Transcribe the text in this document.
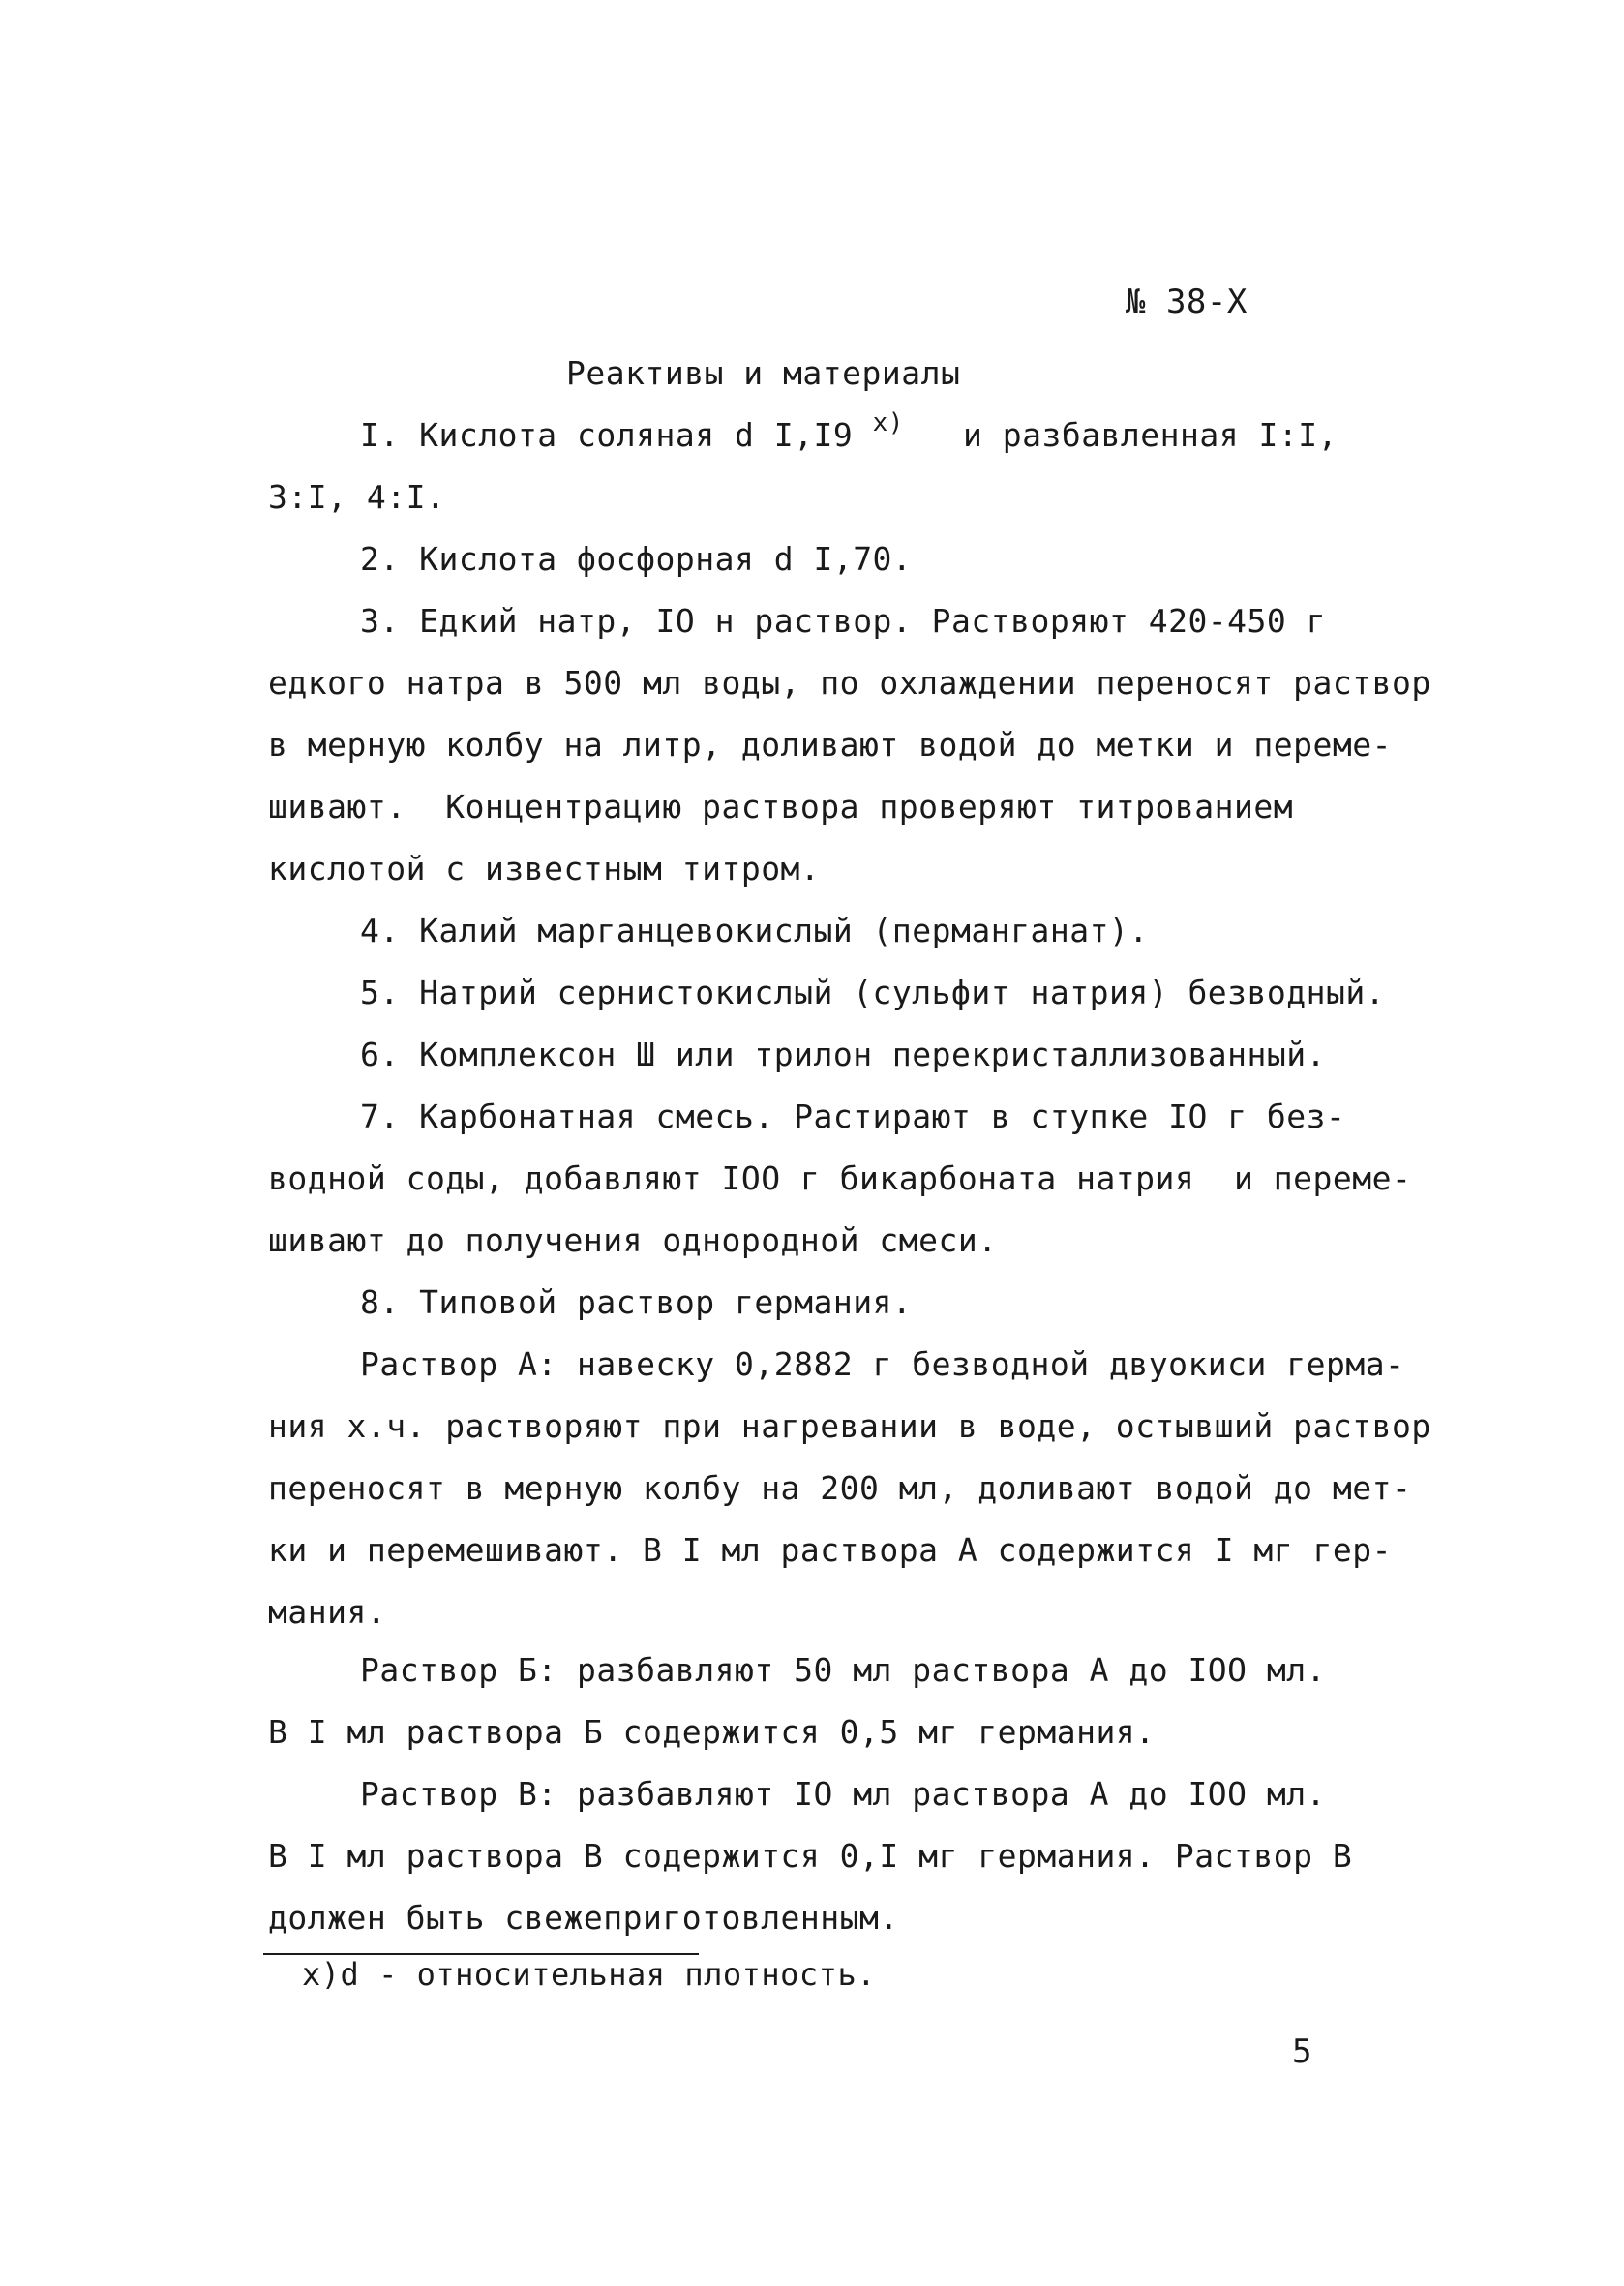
№ 38-Х
Реактивы и материалы
I. Кислота соляная d I,I9 $^{х)}$   и разбавленная I:I,
3:I, 4:I.
2. Кислота фосфорная d I,70.
3. Едкий натр, IO н раствор. Растворяют 420-450 г
едкого натра в 500 мл воды, по охлаждении переносят раствор
в мерную колбу на литр, доливают водой до метки и переме-
шивают.  Концентрацию раствора проверяют титрованием
кислотой с известным титром.
4. Калий марганцевокислый (перманганат).
5. Натрий сернистокислый (сульфит натрия) безводный.
6. Комплексон Ш или трилон перекристаллизованный.
7. Карбонатная смесь. Растирают в ступке IO г без-
водной соды, добавляют IOO г бикарбоната натрия  и переме-
шивают до получения однородной смеси.
8. Типовой раствор германия.
Раствор А: навеску 0,2882 г безводной двуокиси герма-
ния х.ч. растворяют при нагревании в воде, остывший раствор
переносят в мерную колбу на 200 мл, доливают водой до мет-
ки и перемешивают. В I мл раствора А содержится I мг гер-
мания.
Раствор Б: разбавляют 50 мл раствора А до IOO мл.
В I мл раствора Б содержится 0,5 мг германия.
Раствор В: разбавляют IO мл раствора А до IOO мл.
В I мл раствора В содержится 0,I мг германия. Раствор В
должен быть свежеприготовленным.
х)d - относительная плотность.
5
